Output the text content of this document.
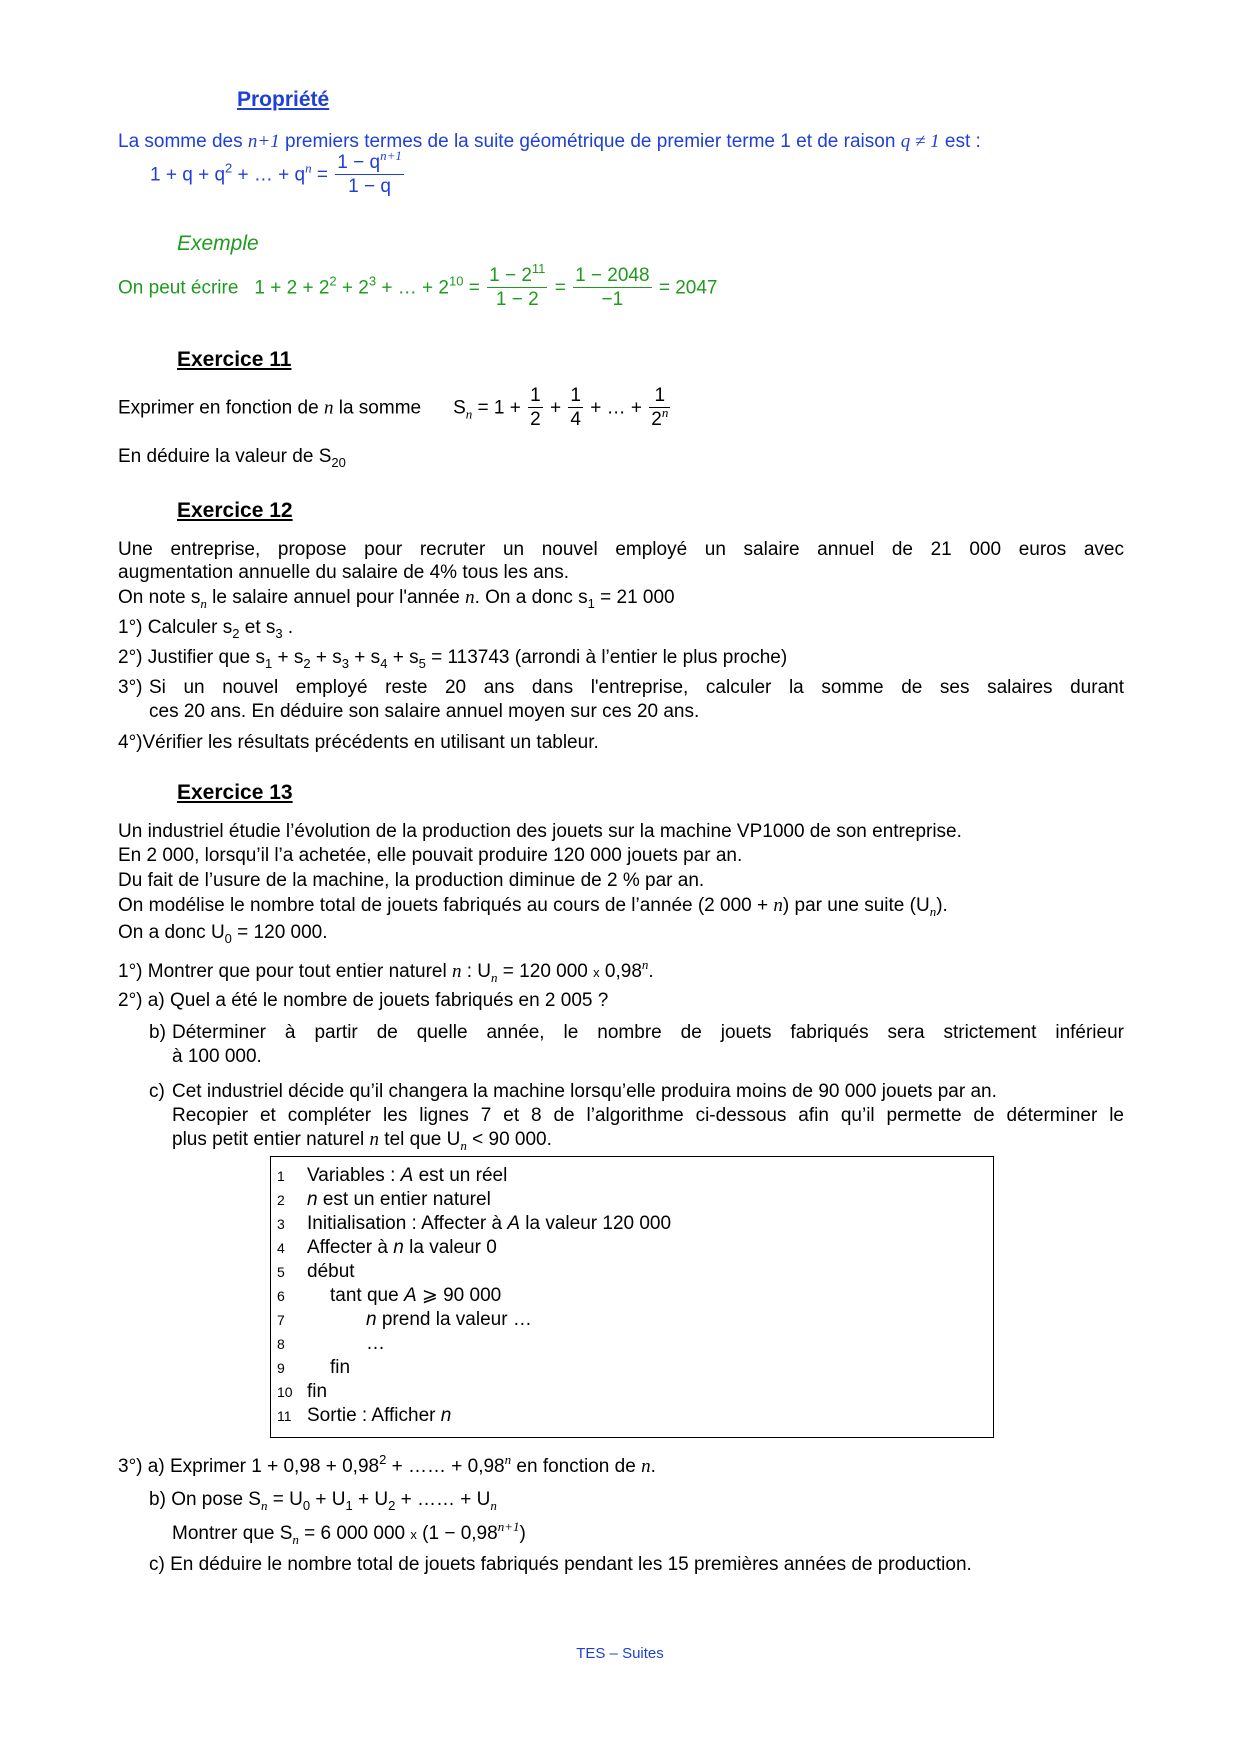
Propriété
La somme des n+1 premiers termes de la suite géométrique de premier terme 1 et de raison q ≠ 1 est :
$1 + q + q^2$ + … + $q^n = \frac{1 - q^{n+1}}{1 - q}$
Exemple
On peut écrire $1 + 2 + 2^2 + 2^3$ + … + $2^{10} = \frac{1 - 2^{11}}{1 - 2} = \frac{1 - 2048}{-1} = 2047$
Exercice 11
Exprimer en fonction de n la somme $S_n = 1 + \frac{1}{2} + \frac{1}{4}$ + … + $\frac{1}{2^n}$
En déduire la valeur de $S_{20}$
Exercice 12
Une entreprise, propose pour recruter un nouvel employé un salaire annuel de 21 000 euros avec
augmentation annuelle du salaire de 4% tous les ans.
On note $s_n$ le salaire annuel pour l'année n. On a donc $s_1 = 21$ 000
1°) Calculer $s_2$ et $s_3$ .
2°) Justifier que $s_1 + s_2 + s_3 + s_4 + s_5 = 113743$ (arrondi à l’entier le plus proche)
3°) Si un nouvel employé reste 20 ans dans l'entreprise, calculer la somme de ses salaires durant
ces 20 ans. En déduire son salaire annuel moyen sur ces 20 ans.
4°)Vérifier les résultats précédents en utilisant un tableur.
Exercice 13
Un industriel étudie l’évolution de la production des jouets sur la machine VP1000 de son entreprise.
En 2 000, lorsqu’il l’a achetée, elle pouvait produire 120 000 jouets par an.
Du fait de l’usure de la machine, la production diminue de 2 % par an.
On modélise le nombre total de jouets fabriqués au cours de l’année (2 000 + n) par une suite $(U_n)$.
On a donc $U_0 = 120$ 000.
1°) Montrer que pour tout entier naturel n : $U_n = 120$ 000 x 0,98$^n$.
2°) a) Quel a été le nombre de jouets fabriqués en 2 005 ?
b) Déterminer à partir de quelle année, le nombre de jouets fabriqués sera strictement inférieur
à 100 000.
c) Cet industriel décide qu’il changera la machine lorsqu’elle produira moins de 90 000 jouets par an.
Recopier et compléter les lignes 7 et 8 de l’algorithme ci-dessous afin qu’il permette de déterminer le
plus petit entier naturel n tel que $U_n < 90$ 000.
1 Variables : A est un réel
2 n est un entier naturel
3 Initialisation : Affecter à A la valeur 120 000
4 Affecter à n la valeur 0
5 début
6 tant que A ⩾ 90 000
7	n prend la valeur …
8	…
9 fin
10 fin
11 Sortie : Afficher n
3°) a) Exprimer $1 + 0,98 + 0,98^2$ + …… + $0,98^n$ en fonction de n.
b) On pose $S_n = U_0 + U_1 + U_2$ + …… + $U_n$
Montrer que $S_n = 6$ 000 000 x $(1 - 0,98^{n+1})$
c) En déduire le nombre total de jouets fabriqués pendant les 15 premières années de production.
TES – Suites
